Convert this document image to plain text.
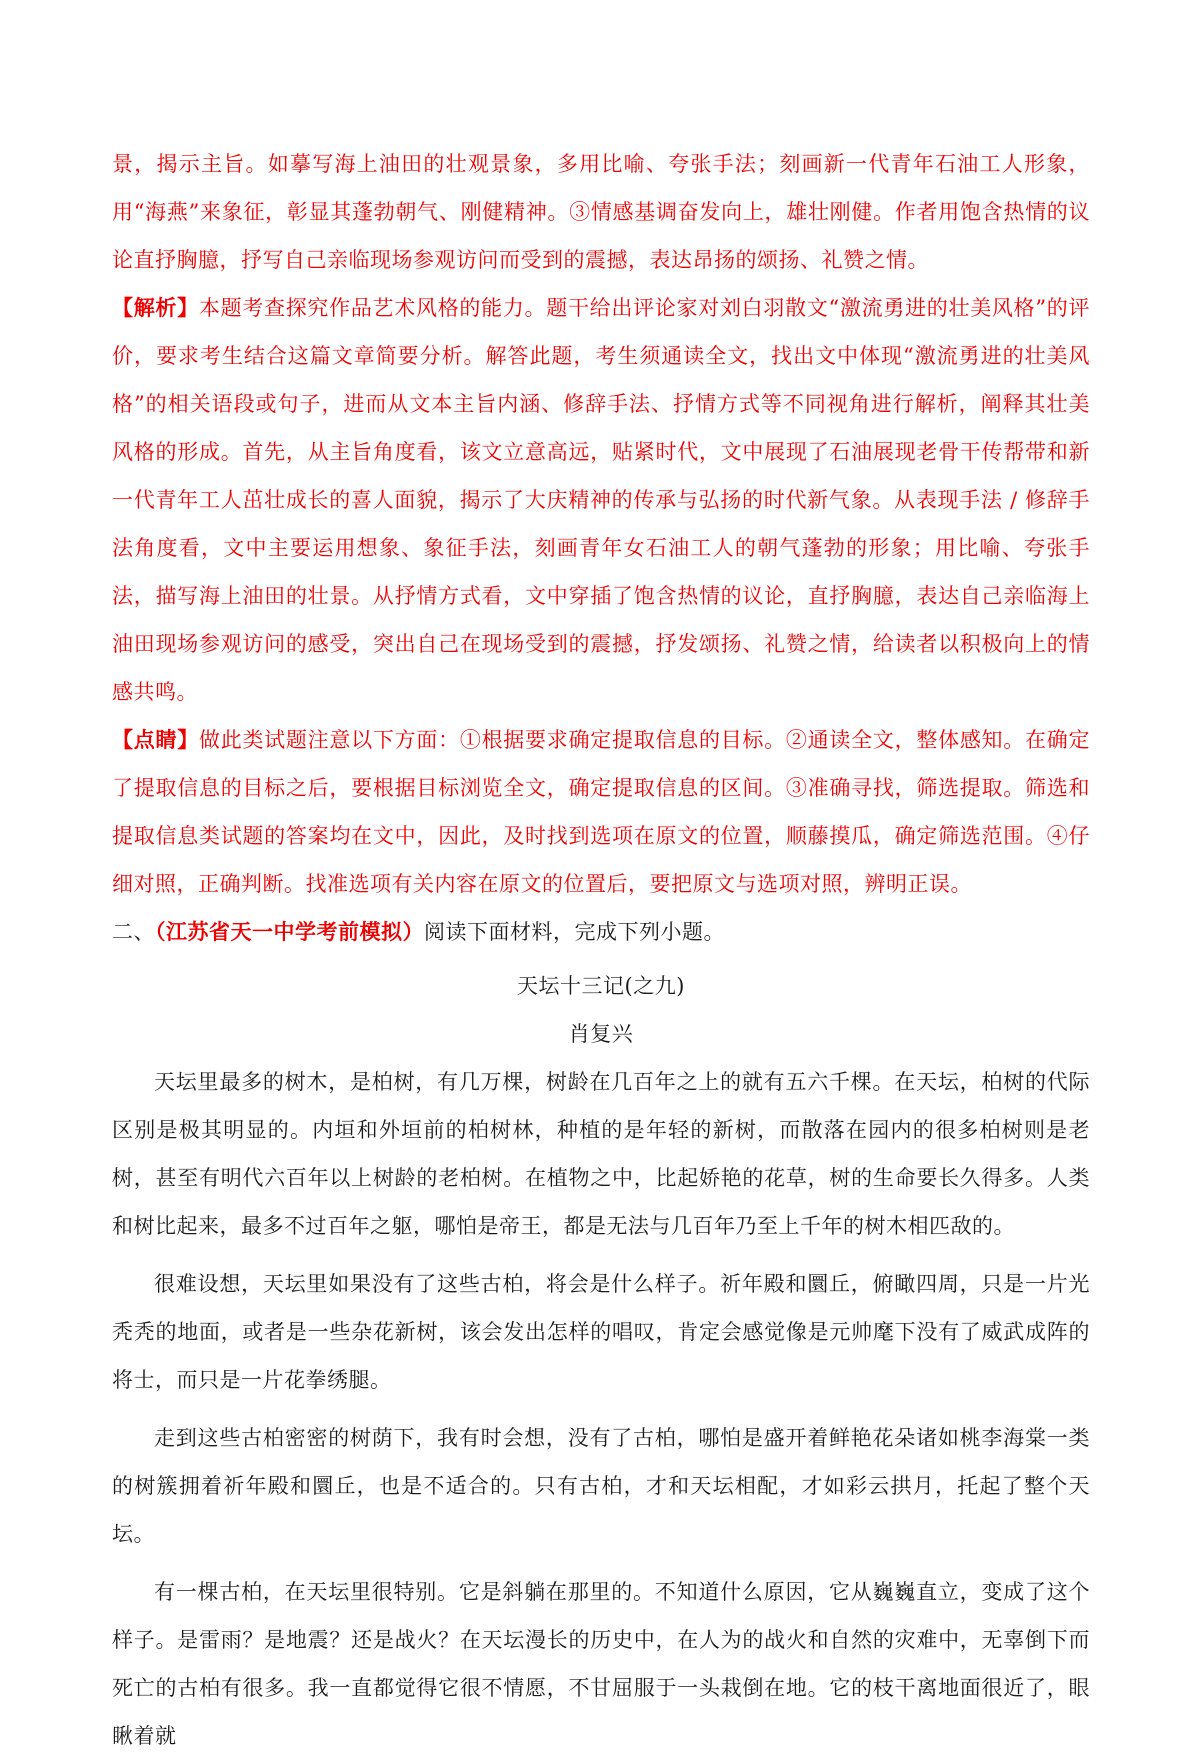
景，揭示主旨。如摹写海上油田的壮观景象，多用比喻、夸张手法；刻画新一代青年石油工人形象，用“海燕”来象征，彰显其蓬勃朝气、刚健精神。③情感基调奋发向上，雄壮刚健。作者用饱含热情的议论直抒胸臆，抒写自己亲临现场参观访问而受到的震撼，表达昂扬的颂扬、礼赞之情。

【解析】本题考查探究作品艺术风格的能力。题干给出评论家对刘白羽散文“激流勇进的壮美风格”的评价，要求考生结合这篇文章简要分析。解答此题，考生须通读全文，找出文中体现“激流勇进的壮美风格”的相关语段或句子，进而从文本主旨内涵、修辞手法、抒情方式等不同视角进行解析，阐释其壮美风格的形成。首先，从主旨角度看，该文立意高远，贴紧时代，文中展现了石油展现老骨干传帮带和新一代青年工人茁壮成长的喜人面貌，揭示了大庆精神的传承与弘扬的时代新气象。从表现手法 / 修辞手法角度看，文中主要运用想象、象征手法，刻画青年女石油工人的朝气蓬勃的形象；用比喻、夸张手法，描写海上油田的壮景。从抒情方式看，文中穿插了饱含热情的议论，直抒胸臆，表达自己亲临海上油田现场参观访问的感受，突出自己在现场受到的震撼，抒发颂扬、礼赞之情，给读者以积极向上的情感共鸣。

【点睛】做此类试题注意以下方面：①根据要求确定提取信息的目标。②通读全文，整体感知。在确定了提取信息的目标之后，要根据目标浏览全文，确定提取信息的区间。③准确寻找，筛选提取。筛选和提取信息类试题的答案均在文中，因此，及时找到选项在原文的位置，顺藤摸瓜，确定筛选范围。④仔细对照，正确判断。找准选项有关内容在原文的位置后，要把原文与选项对照，辨明正误。

二、（江苏省天一中学考前模拟）阅读下面材料，完成下列小题。

天坛十三记(之九)

肖复兴

天坛里最多的树木，是柏树，有几万棵，树龄在几百年之上的就有五六千棵。在天坛，柏树的代际区别是极其明显的。内垣和外垣前的柏树林，种植的是年轻的新树，而散落在园内的很多柏树则是老树，甚至有明代六百年以上树龄的老柏树。在植物之中，比起娇艳的花草，树的生命要长久得多。人类和树比起来，最多不过百年之躯，哪怕是帝王，都是无法与几百年乃至上千年的树木相匹敌的。

很难设想，天坛里如果没有了这些古柏，将会是什么样子。祈年殿和圜丘，俯瞰四周，只是一片光秃秃的地面，或者是一些杂花新树，该会发出怎样的唱叹，肯定会感觉像是元帅麾下没有了威武成阵的将士，而只是一片花拳绣腿。

走到这些古柏密密的树荫下，我有时会想，没有了古柏，哪怕是盛开着鲜艳花朵诸如桃李海棠一类的树簇拥着祈年殿和圜丘，也是不适合的。只有古柏，才和天坛相配，才如彩云拱月，托起了整个天坛。

有一棵古柏，在天坛里很特别。它是斜躺在那里的。不知道什么原因，它从巍巍直立，变成了这个样子。是雷雨？是地震？还是战火？在天坛漫长的历史中，在人为的战火和自然的灾难中，无辜倒下而死亡的古柏有很多。我一直都觉得它很不情愿，不甘屈服于一头栽倒在地。它的枝干离地面很近了，眼瞅着就
